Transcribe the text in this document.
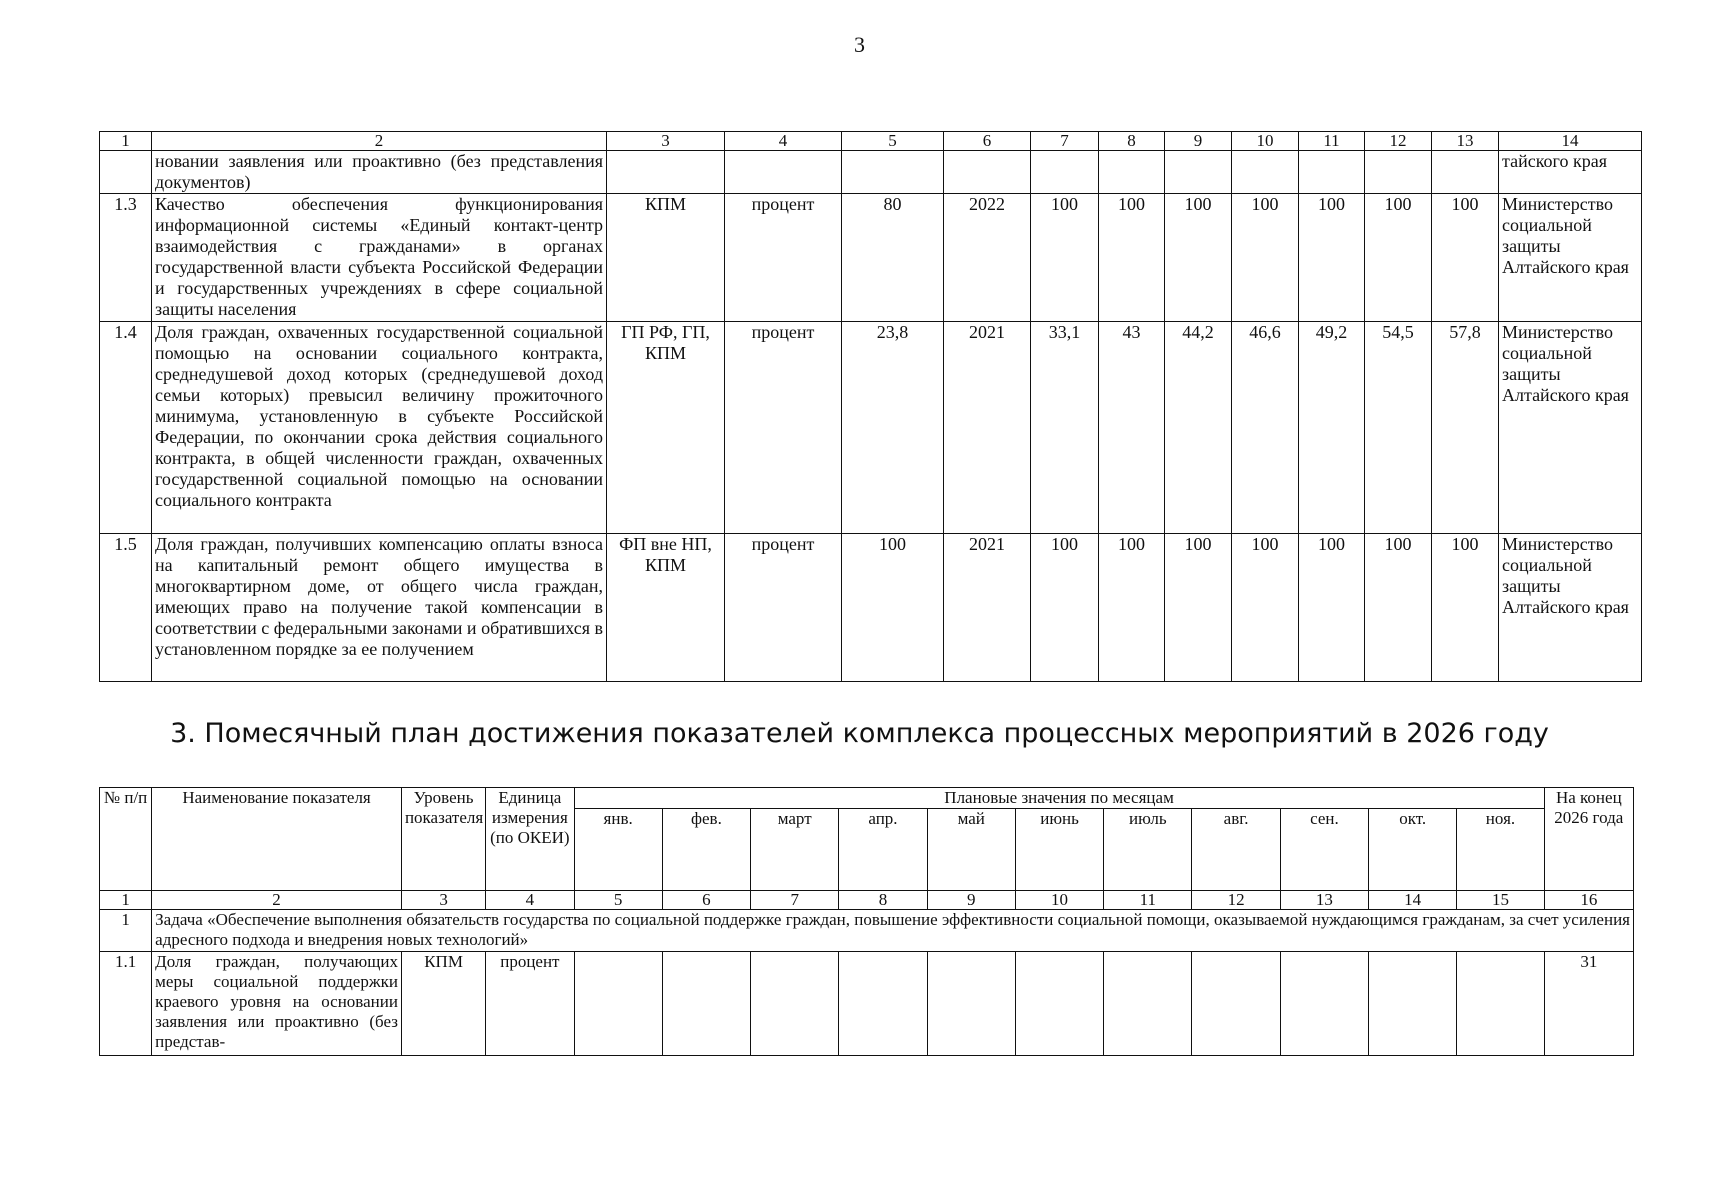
3
1	2	3	4	5	6	7	8	9	10	11	12	13	14
	новании заявления или проактивно (без представления документов)												тайского края
1.3	Качество обеспечения функционирования информационной системы «Единый контакт-центр взаимодействия с гражданами» в органах государственной власти субъекта Российской Федерации и государственных учреждениях в сфере социальной защиты населения	КПМ	процент	80	2022	100	100	100	100	100	100	100	Министерство социальной защиты Алтайского края
1.4	Доля граждан, охваченных государственной социальной помощью на основании социального контракта, среднедушевой доход которых (среднедушевой доход семьи которых) превысил величину прожиточного минимума, установленную в субъекте Российской Федерации, по окончании срока действия социального контракта, в общей численности граждан, охваченных государственной социальной помощью на основании социального контракта	ГП РФ, ГП, КПМ	процент	23,8	2021	33,1	43	44,2	46,6	49,2	54,5	57,8	Министерство социальной защиты Алтайского края
1.5	Доля граждан, получивших компенсацию оплаты взноса на капитальный ремонт общего имущества в многоквартирном доме, от общего числа граждан, имеющих право на получение такой компенсации в соответствии с федеральными законами и обратившихся в установленном порядке за ее получением	ФП вне НП, КПМ	процент	100	2021	100	100	100	100	100	100	100	Министерство социальной защиты Алтайского края
3. Помесячный план достижения показателей комплекса процессных мероприятий в 2026 году
№ п/п	Наименование показателя	Уровень показателя	Единица измерения (по ОКЕИ)	Плановые значения по месяцам											На конец 2026 года
				янв.	фев.	март	апр.	май	июнь	июль	авг.	сен.	окт.	ноя.	
1	2	3	4	5	6	7	8	9	10	11	12	13	14	15	16
1	Задача «Обеспечение выполнения обязательств государства по социальной поддержке граждан, повышение эффективности социальной помощи, оказываемой нуждающимся гражданам, за счет усиления адресного подхода и внедрения новых технологий»														
1.1	Доля граждан, получающих меры социальной поддержки краевого уровня на основании заявления или проактивно (без представ-	КПМ	процент												31
